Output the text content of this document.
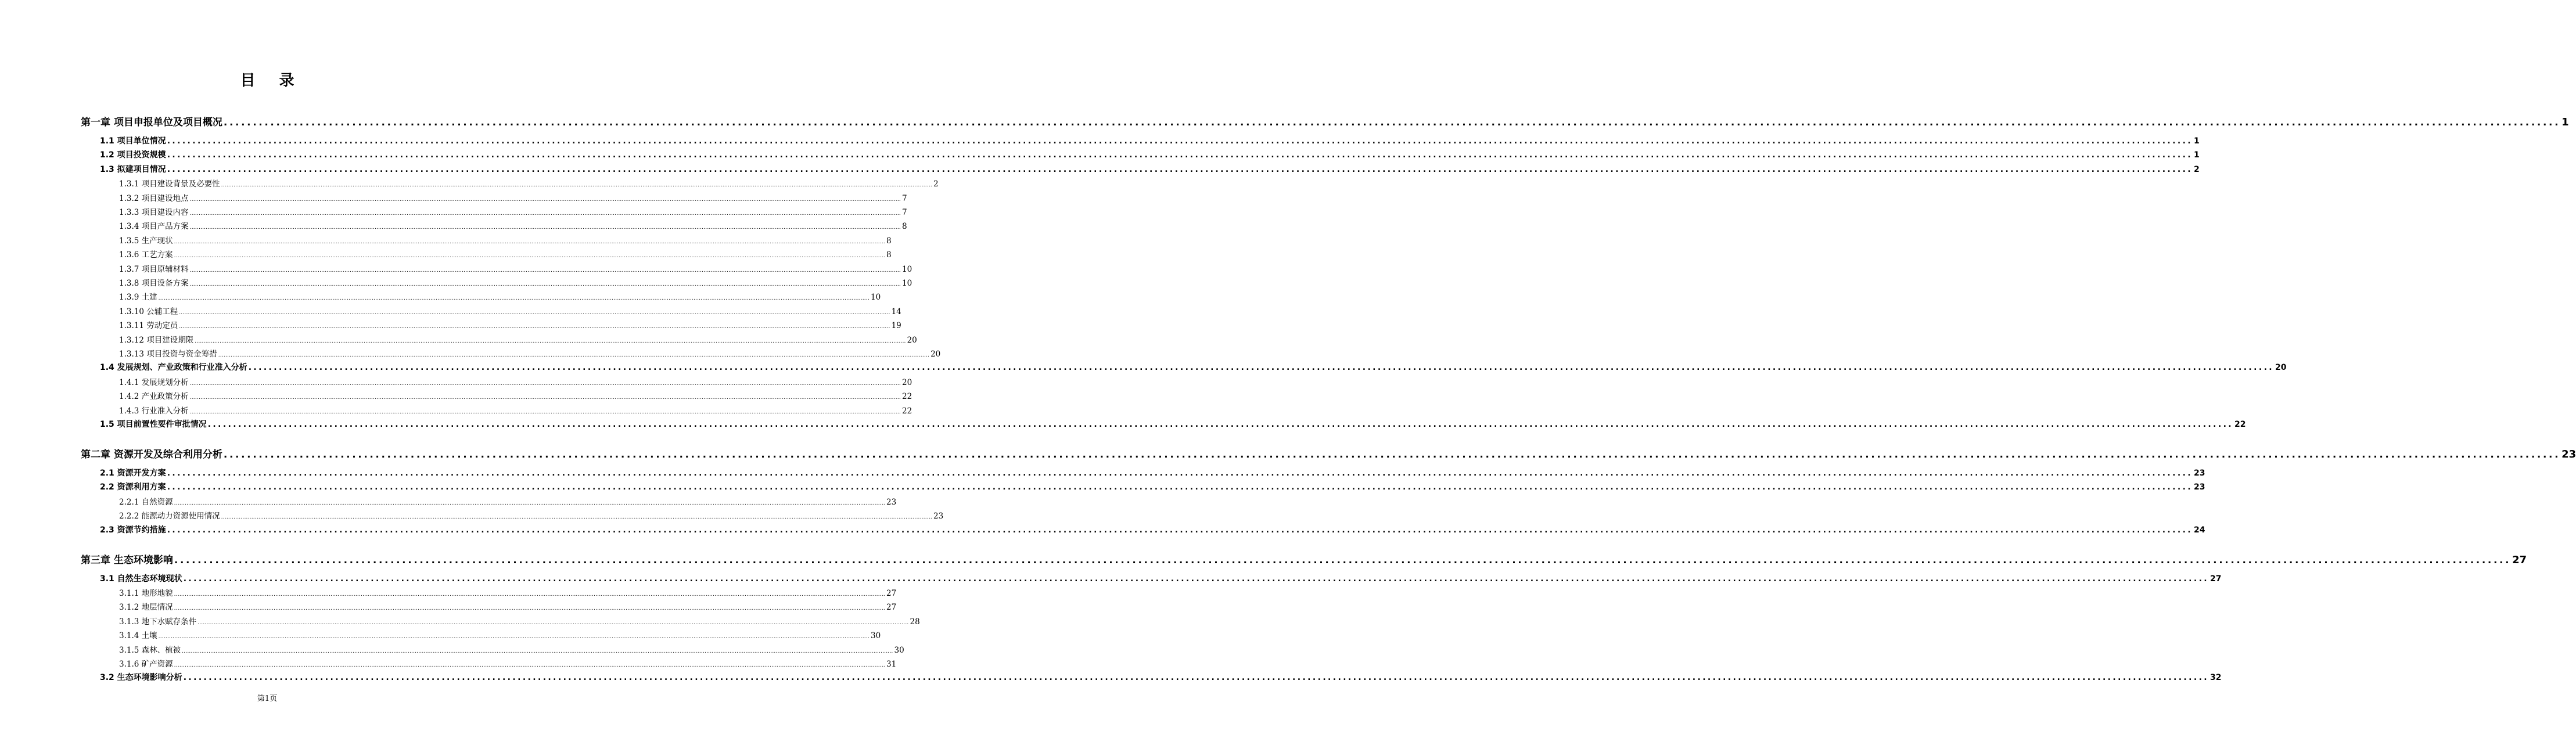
目 录
第一章 项目申报单位及项目概况 ................................................................................................................................................................................................................................................................................................................................................................................................................ 1
1.1 项目单位情况 ................................................................................................................................................................................................................................................................................................................................................................................................................ 1
1.2 项目投资规模 ................................................................................................................................................................................................................................................................................................................................................................................................................ 1
1.3 拟建项目情况 ................................................................................................................................................................................................................................................................................................................................................................................................................ 2
1.3.1 项目建设背景及必要性 ................................................................................................................................................................................................................................................................................................................................................................................................................ 2
1.3.2 项目建设地点 ................................................................................................................................................................................................................................................................................................................................................................................................................ 7
1.3.3 项目建设内容 ................................................................................................................................................................................................................................................................................................................................................................................................................ 7
1.3.4 项目产品方案 ................................................................................................................................................................................................................................................................................................................................................................................................................ 8
1.3.5 生产现状 ................................................................................................................................................................................................................................................................................................................................................................................................................ 8
1.3.6 工艺方案 ................................................................................................................................................................................................................................................................................................................................................................................................................ 8
1.3.7 项目原辅材料 ................................................................................................................................................................................................................................................................................................................................................................................................................ 10
1.3.8 项目设备方案 ................................................................................................................................................................................................................................................................................................................................................................................................................ 10
1.3.9 土建 ................................................................................................................................................................................................................................................................................................................................................................................................................ 10
1.3.10 公辅工程 ................................................................................................................................................................................................................................................................................................................................................................................................................ 14
1.3.11 劳动定员 ................................................................................................................................................................................................................................................................................................................................................................................................................ 19
1.3.12 项目建设期限 ................................................................................................................................................................................................................................................................................................................................................................................................................ 20
1.3.13 项目投资与资金筹措 ................................................................................................................................................................................................................................................................................................................................................................................................................ 20
1.4 发展规划、产业政策和行业准入分析 ................................................................................................................................................................................................................................................................................................................................................................................................................ 20
1.4.1 发展规划分析 ................................................................................................................................................................................................................................................................................................................................................................................................................ 20
1.4.2 产业政策分析 ................................................................................................................................................................................................................................................................................................................................................................................................................ 22
1.4.3 行业准入分析 ................................................................................................................................................................................................................................................................................................................................................................................................................ 22
1.5 项目前置性要件审批情况 ................................................................................................................................................................................................................................................................................................................................................................................................................ 22
第二章 资源开发及综合利用分析 ................................................................................................................................................................................................................................................................................................................................................................................................................ 23
2.1 资源开发方案 ................................................................................................................................................................................................................................................................................................................................................................................................................ 23
2.2 资源利用方案 ................................................................................................................................................................................................................................................................................................................................................................................................................ 23
2.2.1 自然资源 ................................................................................................................................................................................................................................................................................................................................................................................................................ 23
2.2.2 能源动力资源使用情况 ................................................................................................................................................................................................................................................................................................................................................................................................................ 23
2.3 资源节约措施 ................................................................................................................................................................................................................................................................................................................................................................................................................ 24
第三章 生态环境影响 ................................................................................................................................................................................................................................................................................................................................................................................................................ 27
3.1 自然生态环境现状 ................................................................................................................................................................................................................................................................................................................................................................................................................ 27
3.1.1 地形地貌 ................................................................................................................................................................................................................................................................................................................................................................................................................ 27
3.1.2 地层情况 ................................................................................................................................................................................................................................................................................................................................................................................................................ 27
3.1.3 地下水赋存条件 ................................................................................................................................................................................................................................................................................................................................................................................................................ 28
3.1.4 土壤 ................................................................................................................................................................................................................................................................................................................................................................................................................ 30
3.1.5 森林、植被 ................................................................................................................................................................................................................................................................................................................................................................................................................ 30
3.1.6 矿产资源 ................................................................................................................................................................................................................................................................................................................................................................................................................ 31
3.2 生态环境影响分析 ................................................................................................................................................................................................................................................................................................................................................................................................................ 32
第1页
